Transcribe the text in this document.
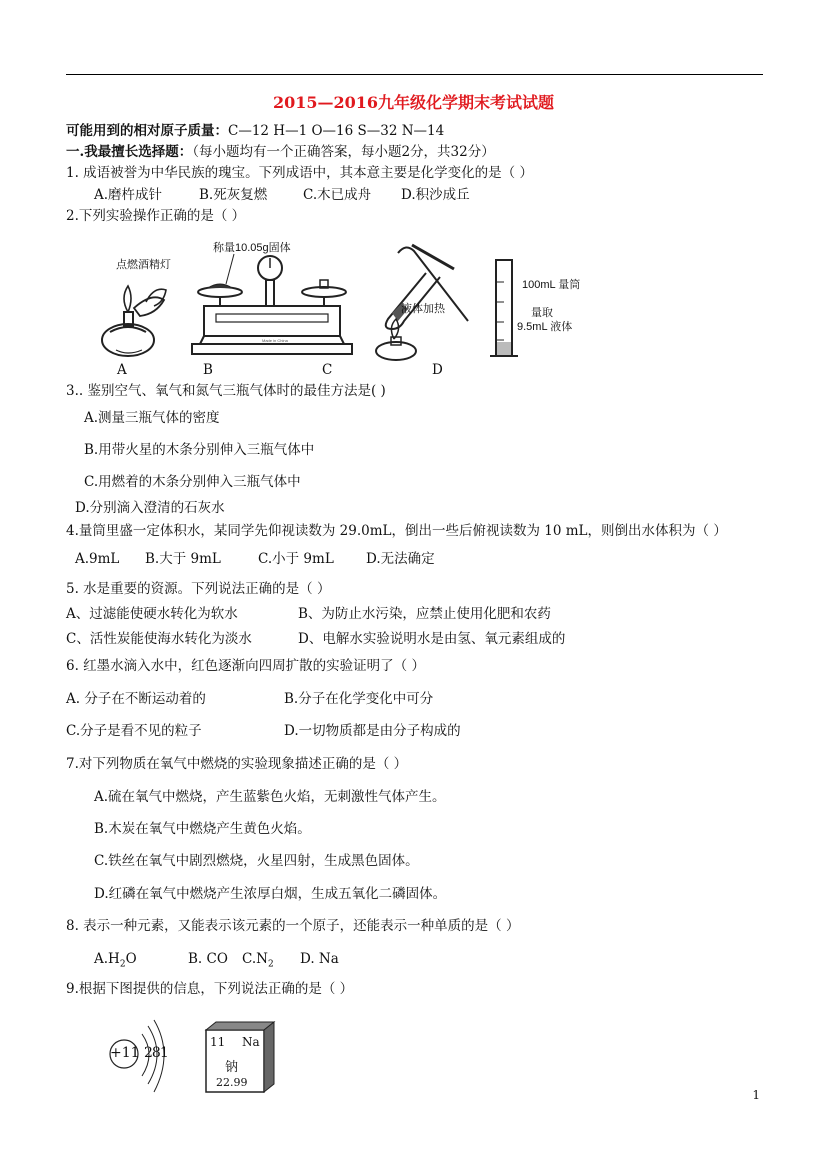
2015—2016九年级化学期末考试试题
可能用到的相对原子质量：C—12 H—1 O—16 S—32 N—14
一.我最擅长选择题：（每小题均有一个正确答案，每小题2分，共32分）
1. 成语被誉为中华民族的瑰宝。下列成语中，其本意主要是化学变化的是（ ）
A.磨杵成针	B.死灰复燃	C.木已成舟 D.积沙成丘
2.下列实验操作正确的是（ ）
点燃酒精灯
A
称量10.05g固体
Made in China
B
液体加热
C
100mL 量筒
量取
9.5mL 液体
D
3.. 鉴别空气、氧气和氮气三瓶气体时的最佳方法是( )
A.测量三瓶气体的密度
B.用带火星的木条分别伸入三瓶气体中
C.用燃着的木条分别伸入三瓶气体中
D.分别滴入澄清的石灰水
4.量筒里盛一定体积水，某同学先仰视读数为 29.0mL，倒出一些后俯视读数为 10 mL，则倒出水体积为（ ）
A.9mL B.大于 9mL	C.小于 9mL D.无法确定
5. 水是重要的资源。下列说法正确的是（ ）
A、过滤能使硬水转化为软水	B、为防止水污染，应禁止使用化肥和农药
C、活性炭能使海水转化为淡水	D、电解水实验说明水是由氢、氧元素组成的
6. 红墨水滴入水中，红色逐渐向四周扩散的实验证明了（ ）
A. 分子在不断运动着的	B.分子在化学变化中可分
C.分子是看不见的粒子	D.一切物质都是由分子构成的
7.对下列物质在氧气中燃烧的实验现象描述正确的是（ ）
A.硫在氧气中燃烧，产生蓝紫色火焰，无刺激性气体产生。
B.木炭在氧气中燃烧产生黄色火焰。
C.铁丝在氧气中剧烈燃烧，火星四射，生成黑色固体。
D.红磷在氧气中燃烧产生浓厚白烟，生成五氧化二磷固体。
8. 表示一种元素，又能表示该元素的一个原子，还能表示一种单质的是（ ）
$A.H_2O$	B. CO $C.N_2$ D. Na
9.根据下图提供的信息，下列说法正确的是（ ）
+11 281
11 Na
钠
22.99
1
